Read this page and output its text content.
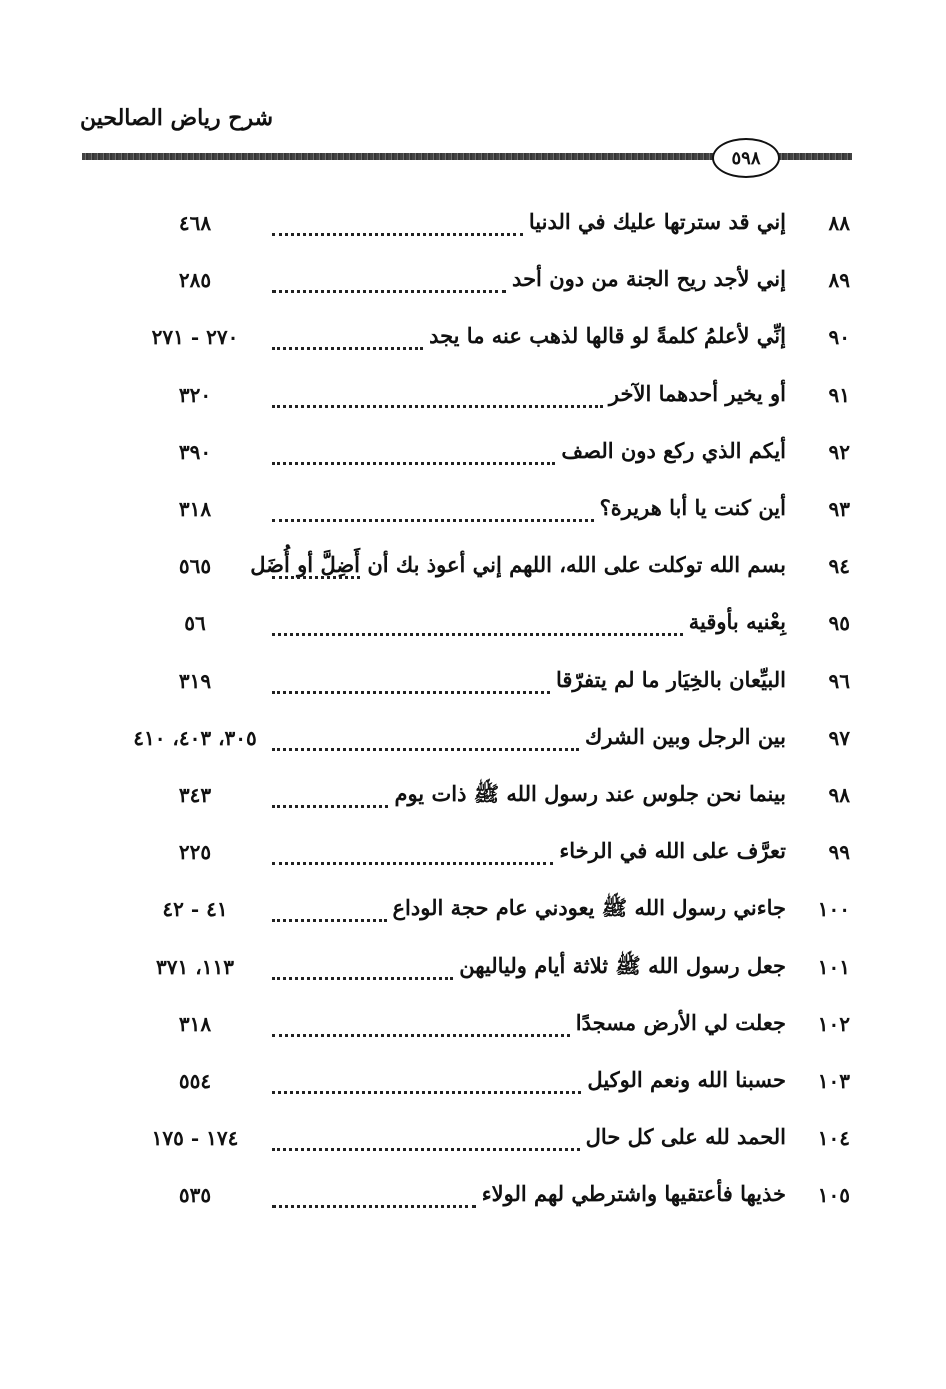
شرح رياض الصالحين
٥٩٨
٨٨
إني قد سترتها عليك في الدنيا
٤٦٨
٨٩
إني لأجد ريح الجنة من دون أحد
٢٨٥
٩٠
إنِّي لأعلمُ كلمةً لو قالها لذهب عنه ما يجد
٢٧٠ - ٢٧١
٩١
أو يخير أحدهما الآخر
٣٢٠
٩٢
أيكم الذي ركع دون الصف
٣٩٠
٩٣
أين كنت يا أبا هريرة؟
٣١٨
٩٤
بسم الله توكلت على الله، اللهم إني أعوذ بك أن أَضِلَّ أو أُضَل
٥٦٥
٩٥
بِعْنيه بأوقية
٥٦
٩٦
البيِّعان بالخِيَار ما لم يتفرّقا
٣١٩
٩٧
بين الرجل وبين الشرك
٣٠٥، ٤٠٣، ٤١٠
٩٨
بينما نحن جلوس عند رسول الله ﷺ ذات يوم
٣٤٣
٩٩
تعرَّف على الله في الرخاء
٢٢٥
١٠٠
جاءني رسول الله ﷺ يعودني عام حجة الوداع
٤١ - ٤٢
١٠١
جعل رسول الله ﷺ ثلاثة أيام ولياليهن
١١٣، ٣٧١
١٠٢
جعلت لي الأرض مسجدًا
٣١٨
١٠٣
حسبنا الله ونعم الوكيل
٥٥٤
١٠٤
الحمد لله على كل حال
١٧٤ - ١٧٥
١٠٥
خذيها فأعتقيها واشترطي لهم الولاء
٥٣٥
